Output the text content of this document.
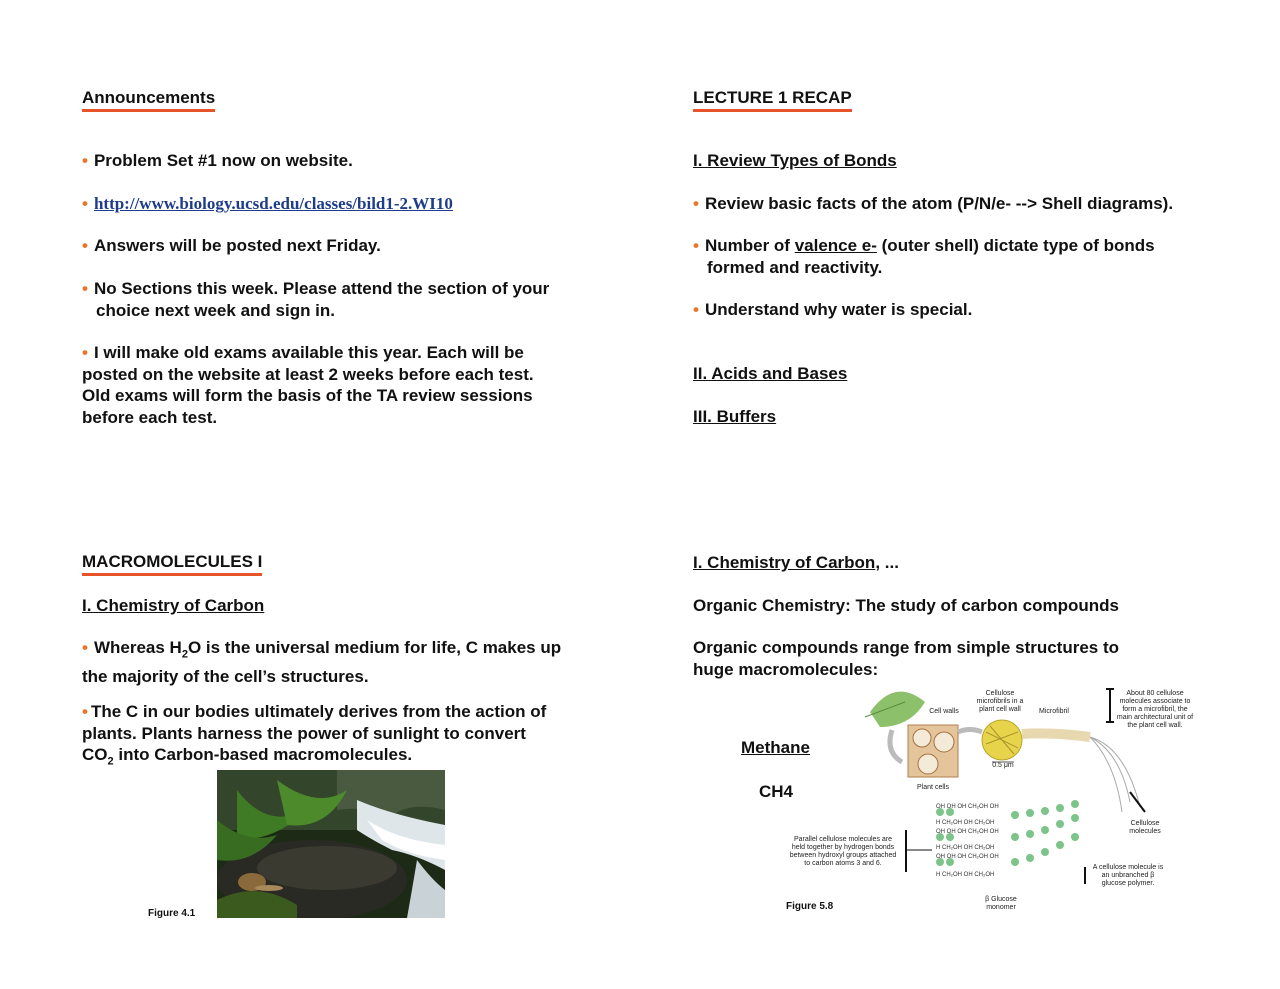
Announcements
• Problem Set #1 now on website.
• http://www.biology.ucsd.edu/classes/bild1-2.WI10
• Answers will be posted next Friday.
• No Sections this week. Please attend the section of your
choice next week and sign in.
• I will make old exams available this year. Each will be
posted on the website at least 2 weeks before each test.
Old exams will form the basis of the TA review sessions
before each test.
LECTURE 1 RECAP
I. Review Types of Bonds
• Review basic facts of the atom (P/N/e- --> Shell diagrams).
• Number of valence e- (outer shell) dictate type of bonds
formed and reactivity.
• Understand why water is special.
II. Acids and Bases
III. Buffers
MACROMOLECULES I
I. Chemistry of Carbon
• Whereas $H_2O$ is the universal medium for life, C makes up
the majority of the cell’s structures.
• The C in our bodies ultimately derives from the action of
plants. Plants harness the power of sunlight to convert
$CO_2$ into Carbon-based macromolecules.
Figure 4.1
I. Chemistry of Carbon, ...
Organic Chemistry: The study of carbon compounds
Organic compounds range from simple structures to
huge macromolecules:
Methane
CH4
OH OH OH CH₂OH OH
H CH₂OH OH CH₂OH
OH OH OH CH₂OH OH
H CH₂OH OH CH₂OH
OH OH OH CH₂OH OH
H CH₂OH OH CH₂OH
Cellulose microfibrils in a plant cell wall
Cell walls	Microfibril
About 80 cellulose molecules associate to form a microfibril, the main architectural unit of the plant cell wall.
0.5 μm
Plant cells
Cellulose molecules
Parallel cellulose molecules are held together by hydrogen bonds between hydroxyl groups attached to carbon atoms 3 and 6.
A cellulose molecule is an unbranched β glucose polymer.
β Glucose monomer
Figure 5.8
